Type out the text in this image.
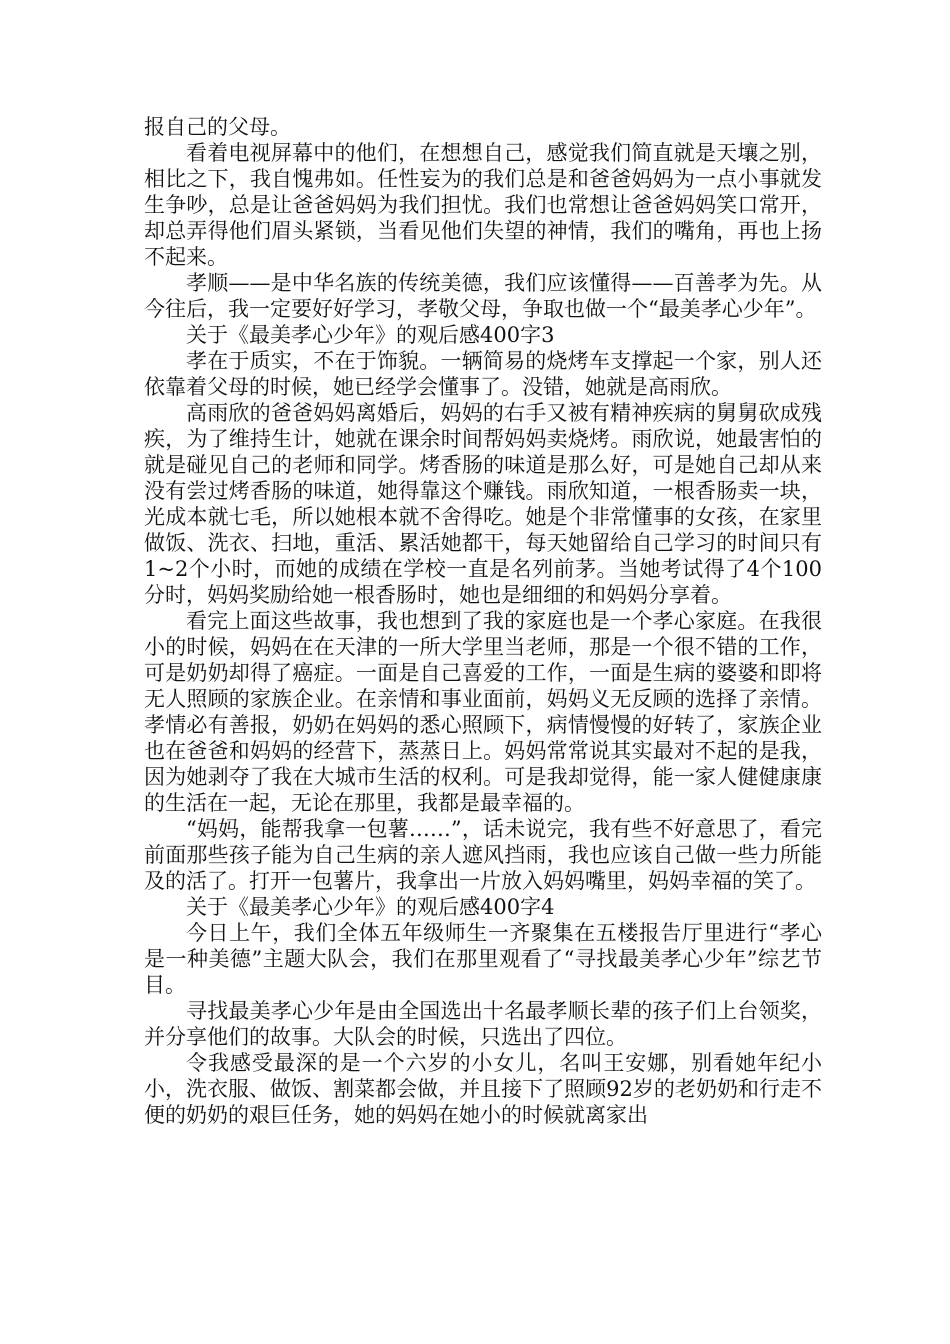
报自己的父母。

看着电视屏幕中的他们，在想想自己，感觉我们简直就是天壤之别，相比之下，我自愧弗如。任性妄为的我们总是和爸爸妈妈为一点小事就发生争吵，总是让爸爸妈妈为我们担忧。我们也常想让爸爸妈妈笑口常开，却总弄得他们眉头紧锁，当看见他们失望的神情，我们的嘴角，再也上扬不起来。

孝顺——是中华名族的传统美德，我们应该懂得——百善孝为先。从今往后，我一定要好好学习，孝敬父母，争取也做一个“最美孝心少年”。

关于《最美孝心少年》的观后感400字3

孝在于质实，不在于饰貌。一辆简易的烧烤车支撑起一个家，别人还依靠着父母的时候，她已经学会懂事了。没错，她就是高雨欣。

高雨欣的爸爸妈妈离婚后，妈妈的右手又被有精神疾病的舅舅砍成残疾，为了维持生计，她就在课余时间帮妈妈卖烧烤。雨欣说，她最害怕的就是碰见自己的老师和同学。烤香肠的味道是那么好，可是她自己却从来没有尝过烤香肠的味道，她得靠这个赚钱。雨欣知道，一根香肠卖一块，光成本就七毛，所以她根本就不舍得吃。她是个非常懂事的女孩，在家里做饭、洗衣、扫地，重活、累活她都干，每天她留给自己学习的时间只有1~2个小时，而她的成绩在学校一直是名列前茅。当她考试得了4个100分时，妈妈奖励给她一根香肠时，她也是细细的和妈妈分享着。

看完上面这些故事，我也想到了我的家庭也是一个孝心家庭。在我很小的时候，妈妈在在天津的一所大学里当老师，那是一个很不错的工作，可是奶奶却得了癌症。一面是自己喜爱的工作，一面是生病的婆婆和即将无人照顾的家族企业。在亲情和事业面前，妈妈义无反顾的选择了亲情。孝情必有善报，奶奶在妈妈的悉心照顾下，病情慢慢的好转了，家族企业也在爸爸和妈妈的经营下，蒸蒸日上。妈妈常常说其实最对不起的是我，因为她剥夺了我在大城市生活的权利。可是我却觉得，能一家人健健康康的生活在一起，无论在那里，我都是最幸福的。

“妈妈，能帮我拿一包薯……”，话未说完，我有些不好意思了，看完前面那些孩子能为自己生病的亲人遮风挡雨，我也应该自己做一些力所能及的活了。打开一包薯片，我拿出一片放入妈妈嘴里，妈妈幸福的笑了。

关于《最美孝心少年》的观后感400字4

今日上午，我们全体五年级师生一齐聚集在五楼报告厅里进行“孝心是一种美德”主题大队会，我们在那里观看了“寻找最美孝心少年”综艺节目。

寻找最美孝心少年是由全国选出十名最孝顺长辈的孩子们上台领奖，并分享他们的故事。大队会的时候，只选出了四位。

令我感受最深的是一个六岁的小女儿，名叫王安娜，别看她年纪小小，洗衣服、做饭、割菜都会做，并且接下了照顾92岁的老奶奶和行走不便的奶奶的艰巨任务，她的妈妈在她小的时候就离家出
